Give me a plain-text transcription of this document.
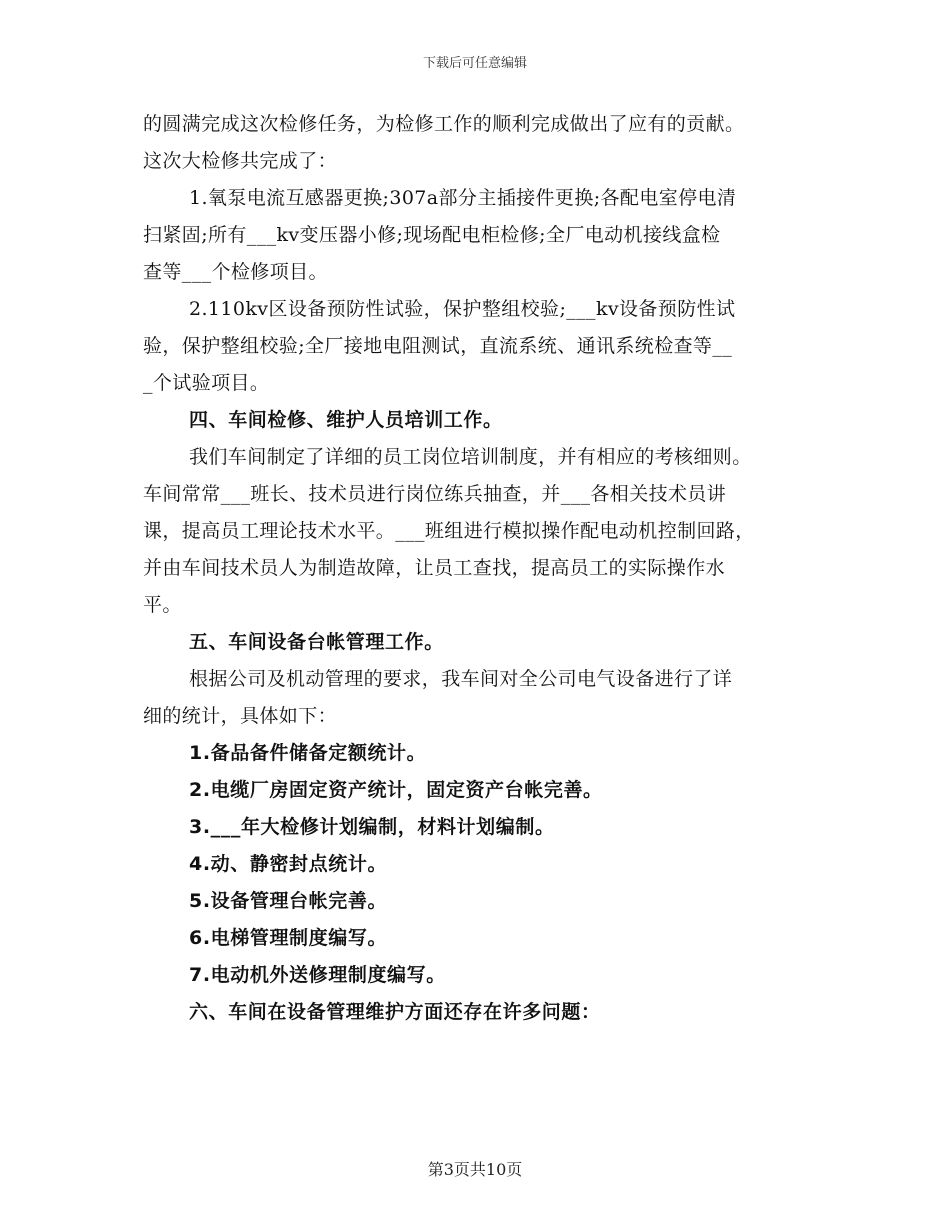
下载后可任意编辑
的圆满完成这次检修任务，为检修工作的顺利完成做出了应有的贡献。
这次大检修共完成了：
1.氧泵电流互感器更换;307a部分主插接件更换;各配电室停电清
扫紧固;所有___kv变压器小修;现场配电柜检修;全厂电动机接线盒检
查等___个检修项目。
2.110kv区设备预防性试验，保护整组校验;___kv设备预防性试
验，保护整组校验;全厂接地电阻测试，直流系统、通讯系统检查等__
_个试验项目。
四、车间检修、维护人员培训工作。
我们车间制定了详细的员工岗位培训制度，并有相应的考核细则。
车间常常___班长、技术员进行岗位练兵抽查，并___各相关技术员讲
课，提高员工理论技术水平。___班组进行模拟操作配电动机控制回路，
并由车间技术员人为制造故障，让员工查找，提高员工的实际操作水
平。
五、车间设备台帐管理工作。
根据公司及机动管理的要求，我车间对全公司电气设备进行了详
细的统计，具体如下：
1.备品备件储备定额统计。
2.电缆厂房固定资产统计，固定资产台帐完善。
3.___年大检修计划编制，材料计划编制。
4.动、静密封点统计。
5.设备管理台帐完善。
6.电梯管理制度编写。
7.电动机外送修理制度编写。
六、车间在设备管理维护方面还存在许多问题：
第3页共10页
